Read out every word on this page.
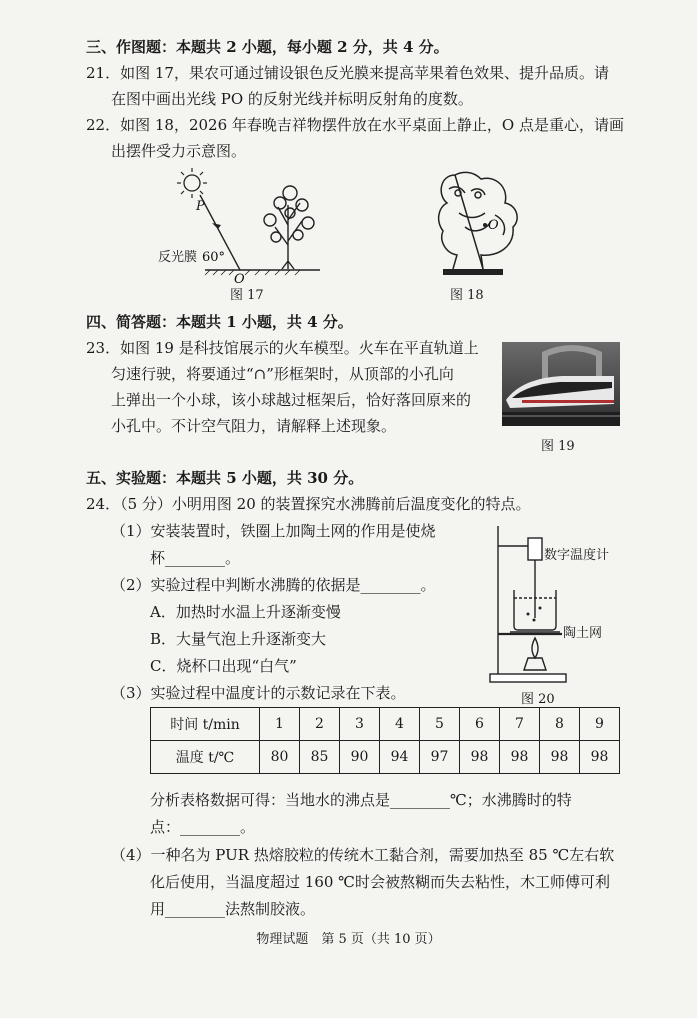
三、作图题：本题共 2 小题，每小题 2 分，共 4 分。
21．如图 17，果农可通过铺设银色反光膜来提高苹果着色效果、提升品质。请
在图中画出光线 PO 的反射光线并标明反射角的度数。
22．如图 18，2026 年春晚吉祥物摆件放在水平桌面上静止，O 点是重心，请画
出摆件受力示意图。
60°
P
O
反光膜
图 17
O
图 18
四、简答题：本题共 1 小题，共 4 分。
23．如图 19 是科技馆展示的火车模型。火车在平直轨道上
匀速行驶，将要通过“∩”形框架时，从顶部的小孔向
上弹出一个小球，该小球越过框架后，恰好落回原来的
小孔中。不计空气阻力，请解释上述现象。
图 19
五、实验题：本题共 5 小题，共 30 分。
24．（5 分）小明用图 20 的装置探究水沸腾前后温度变化的特点。
（1）安装装置时，铁圈上加陶土网的作用是使烧
杯________。
（2）实验过程中判断水沸腾的依据是________。
A．加热时水温上升逐渐变慢
B．大量气泡上升逐渐变大
C．烧杯口出现“白气”
（3）实验过程中温度计的示数记录在下表。
数字温度计
陶土网
图 20
时间 t/min	1	2	3	4	5	6	7	8	9
温度 t/℃	80	85	90	94	97	98	98	98	98
分析表格数据可得：当地水的沸点是________℃；水沸腾时的特
点：________。
（4）一种名为 PUR 热熔胶粒的传统木工黏合剂，需要加热至 85 ℃左右软
化后使用，当温度超过 160 ℃时会被熬糊而失去粘性，木工师傅可利
用________法熬制胶液。
物理试题　第 5 页（共 10 页）
